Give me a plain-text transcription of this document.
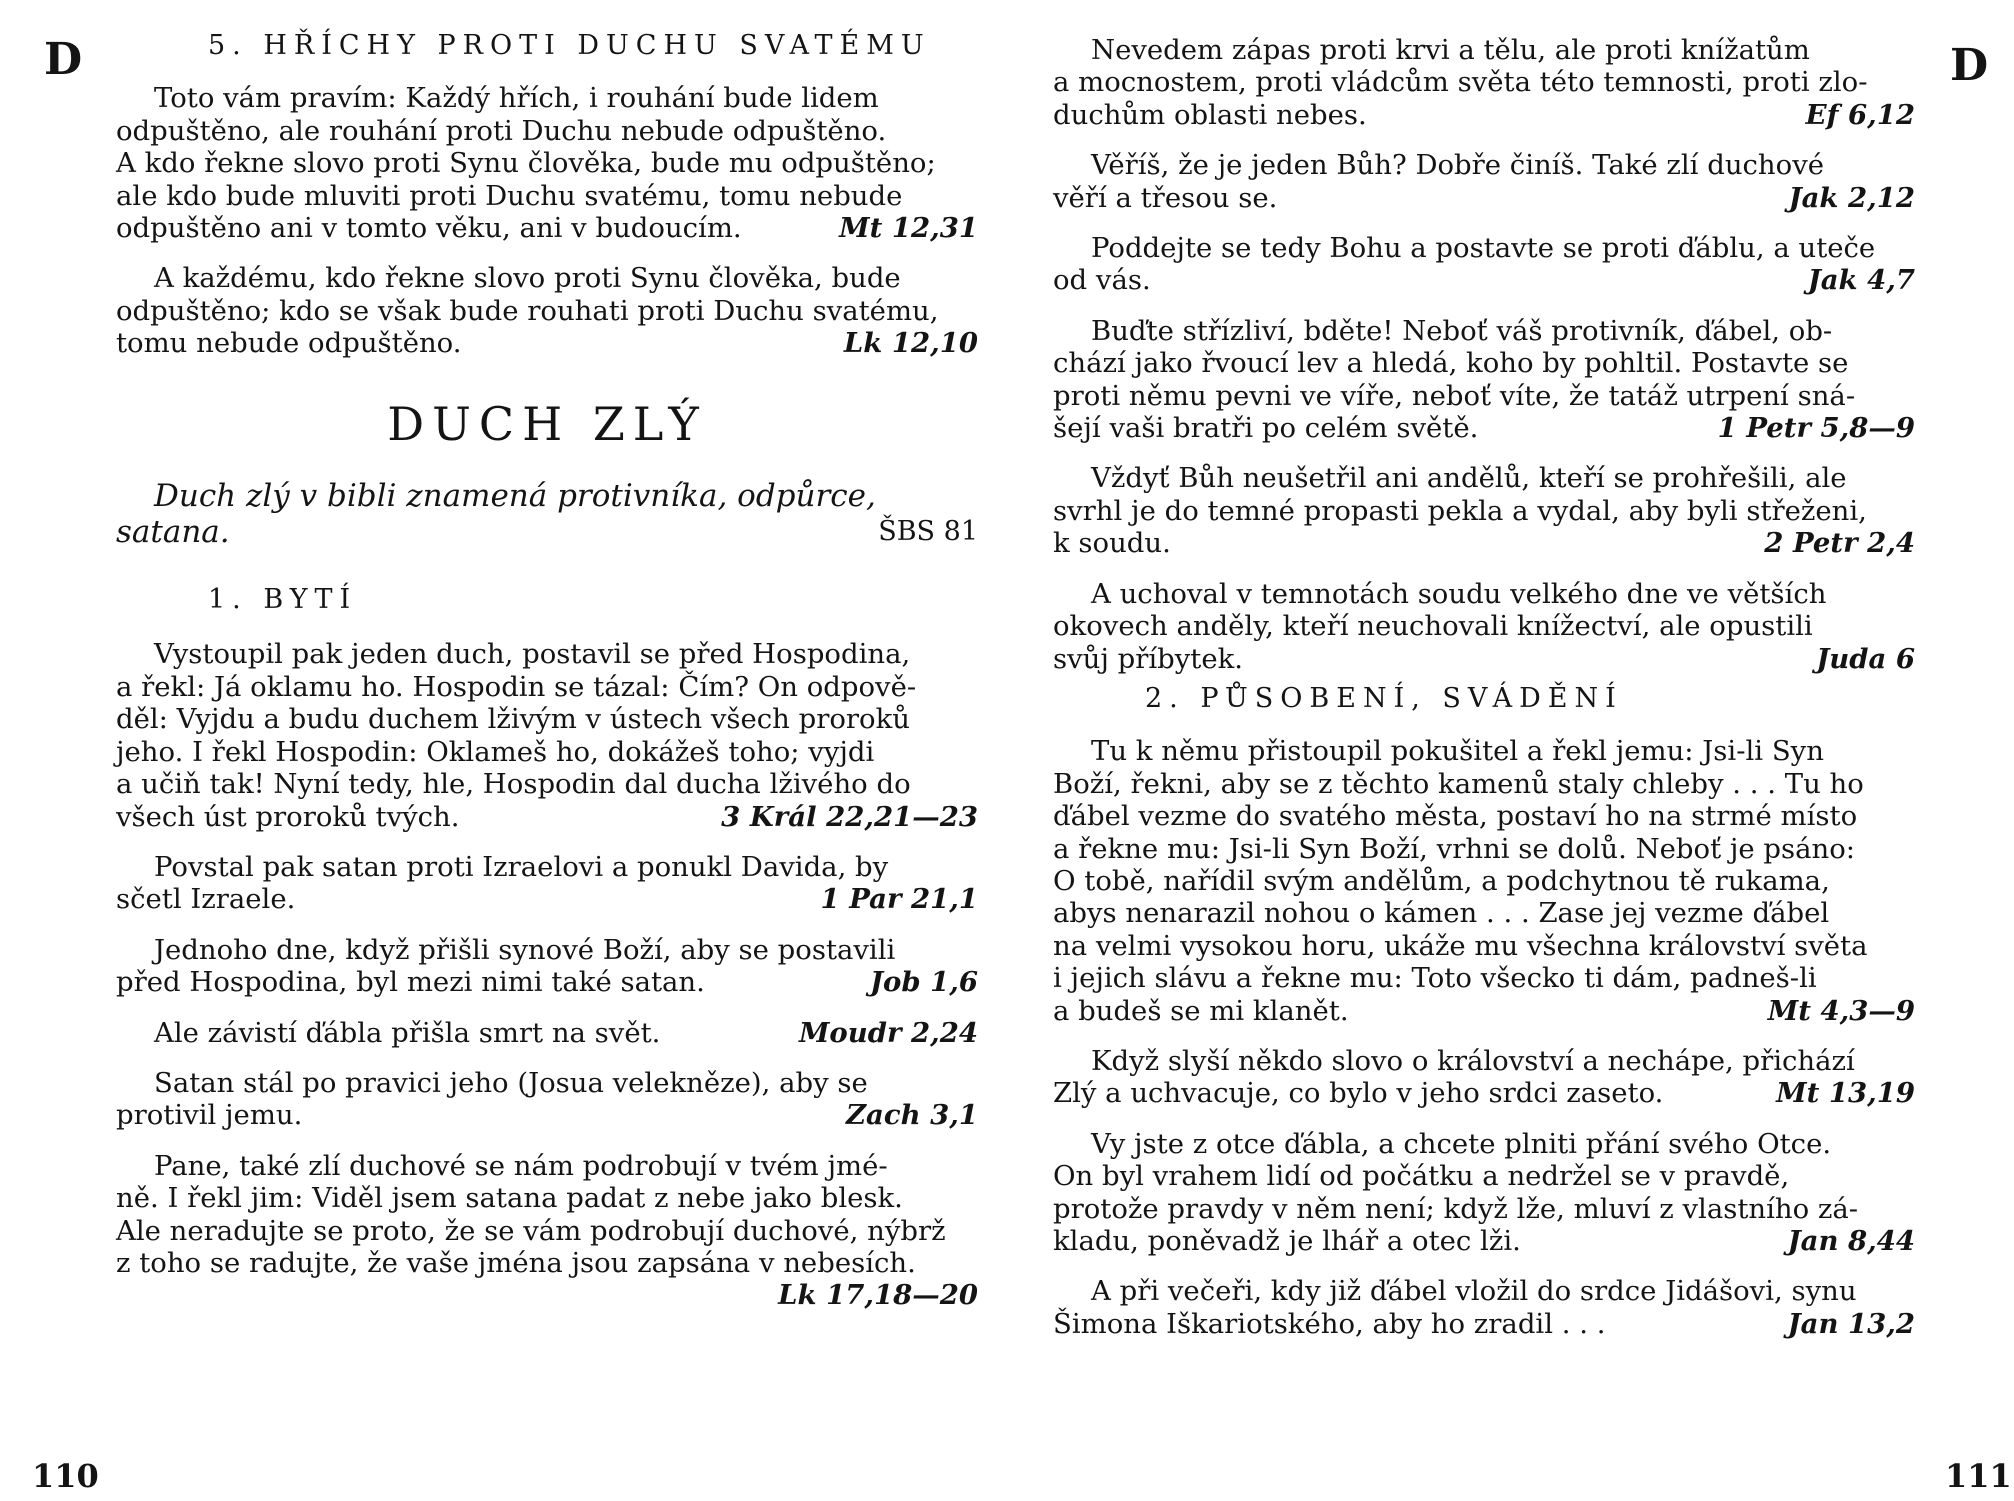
D
110
5. HŘÍCHY PROTI DUCHU SVATÉMU
Toto vám pravím: Každý hřích, i rouhání bude lidem
odpuštěno, ale rouhání proti Duchu nebude odpuštěno.
A kdo řekne slovo proti Synu člověka, bude mu odpuštěno;
ale kdo bude mluviti proti Duchu svatému, tomu nebude
odpuštěno ani v tomto věku, ani v budoucím.	Mt 12,31
A každému, kdo řekne slovo proti Synu člověka, bude
odpuštěno; kdo se však bude rouhati proti Duchu svatému,
tomu nebude odpuštěno.	Lk 12,10
DUCH ZLÝ
Duch zlý v bibli znamená protivníka, odpůrce,
satana.	ŠBS 81
1. BYTÍ
Vystoupil pak jeden duch, postavil se před Hospodina,
a řekl: Já oklamu ho. Hospodin se tázal: Čím? On odpově-
děl: Vyjdu a budu duchem lživým v ústech všech proroků
jeho. I řekl Hospodin: Oklameš ho, dokážeš toho; vyjdi
a učiň tak! Nyní tedy, hle, Hospodin dal ducha lživého do
všech úst proroků tvých.	3 Král 22,21—23
Povstal pak satan proti Izraelovi a ponukl Davida, by
sčetl Izraele.	1 Par 21,1
Jednoho dne, když přišli synové Boží, aby se postavili
před Hospodina, byl mezi nimi také satan.	Job 1,6
Ale závistí ďábla přišla smrt na svět.	Moudr 2,24
Satan stál po pravici jeho (Josua velekněze), aby se
protivil jemu.	Zach 3,1
Pane, také zlí duchové se nám podrobují v tvém jmé-
ně. I řekl jim: Viděl jsem satana padat z nebe jako blesk.
Ale neradujte se proto, že se vám podrobují duchové, nýbrž
z toho se radujte, že vaše jména jsou zapsána v nebesích.
Lk 17,18—20
D
111
Nevedem zápas proti krvi a tělu, ale proti knížatům
a mocnostem, proti vládcům světa této temnosti, proti zlo-
duchům oblasti nebes.	Ef 6,12
Věříš, že je jeden Bůh? Dobře činíš. Také zlí duchové
věří a třesou se.	Jak 2,12
Poddejte se tedy Bohu a postavte se proti ďáblu, a uteče
od vás.	Jak 4,7
Buďte střízliví, bděte! Neboť váš protivník, ďábel, ob-
chází jako řvoucí lev a hledá, koho by pohltil. Postavte se
proti němu pevni ve víře, neboť víte, že tatáž utrpení sná-
šejí vaši bratři po celém světě.	1 Petr 5,8—9
Vždyť Bůh neušetřil ani andělů, kteří se prohřešili, ale
svrhl je do temné propasti pekla a vydal, aby byli střeženi,
k soudu.	2 Petr 2,4
A uchoval v temnotách soudu velkého dne ve větších
okovech anděly, kteří neuchovali knížectví, ale opustili
svůj příbytek.	Juda 6
2. PŮSOBENÍ, SVÁDĚNÍ
Tu k němu přistoupil pokušitel a řekl jemu: Jsi-li Syn
Boží, řekni, aby se z těchto kamenů staly chleby . . . Tu ho
ďábel vezme do svatého města, postaví ho na strmé místo
a řekne mu: Jsi-li Syn Boží, vrhni se dolů. Neboť je psáno:
O tobě, nařídil svým andělům, a podchytnou tě rukama,
abys nenarazil nohou o kámen . . . Zase jej vezme ďábel
na velmi vysokou horu, ukáže mu všechna království světa
i jejich slávu a řekne mu: Toto všecko ti dám, padneš-li
a budeš se mi klanět.	Mt 4,3—9
Když slyší někdo slovo o království a nechápe, přichází
Zlý a uchvacuje, co bylo v jeho srdci zaseto.	Mt 13,19
Vy jste z otce ďábla, a chcete plniti přání svého Otce.
On byl vrahem lidí od počátku a nedržel se v pravdě,
protože pravdy v něm není; když lže, mluví z vlastního zá-
kladu, poněvadž je lhář a otec lži.	Jan 8,44
A při večeři, kdy již ďábel vložil do srdce Jidášovi, synu
Šimona Iškariotského, aby ho zradil . . .	Jan 13,2
